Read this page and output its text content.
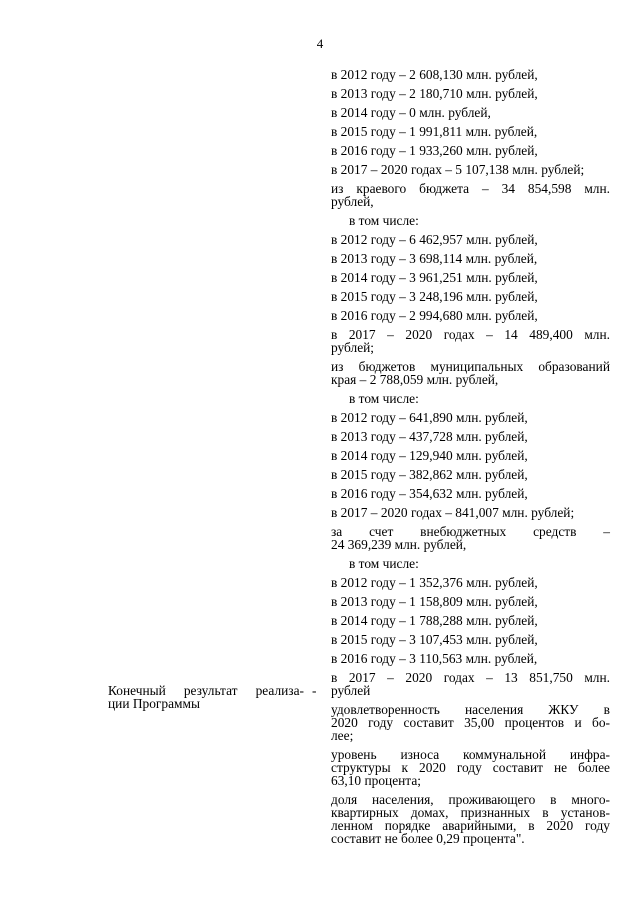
4
в 2012 году – 2 608,130 млн. рублей,
в 2013 году – 2 180,710 млн. рублей,
в 2014 году – 0 млн. рублей,
в 2015 году – 1 991,811 млн. рублей,
в 2016 году – 1 933,260 млн. рублей,
в 2017 – 2020 годах – 5 107,138 млн. рублей;
из краевого бюджета – 34 854,598 млн.
рублей,
в том числе:
в 2012 году – 6 462,957 млн. рублей,
в 2013 году – 3 698,114 млн. рублей,
в 2014 году – 3 961,251 млн. рублей,
в 2015 году – 3 248,196 млн. рублей,
в 2016 году – 2 994,680 млн. рублей,
в 2017 – 2020 годах – 14 489,400 млн.
рублей;
из бюджетов муниципальных образований
края – 2 788,059 млн. рублей,
в том числе:
в 2012 году – 641,890 млн. рублей,
в 2013 году – 437,728 млн. рублей,
в 2014 году – 129,940 млн. рублей,
в 2015 году – 382,862 млн. рублей,
в 2016 году – 354,632 млн. рублей,
в 2017 – 2020 годах – 841,007 млн. рублей;
за счет внебюджетных средств –
24 369,239 млн. рублей,
в том числе:
в 2012 году – 1 352,376 млн. рублей,
в 2013 году – 1 158,809 млн. рублей,
в 2014 году – 1 788,288 млн. рублей,
в 2015 году – 3 107,453 млн. рублей,
в 2016 году – 3 110,563 млн. рублей,
в 2017 – 2020 годах – 13 851,750 млн.
рублей
удовлетворенность населения ЖКУ в
2020 году составит 35,00 процентов и бо-
лее;
уровень износа коммунальной инфра-
структуры к 2020 году составит не более
63,10 процента;
доля населения, проживающего в много-
квартирных домах, признанных в установ-
ленном порядке аварийными, в 2020 году
составит не более 0,29 процента".
Конечный результат реализа-
ции Программы
-
